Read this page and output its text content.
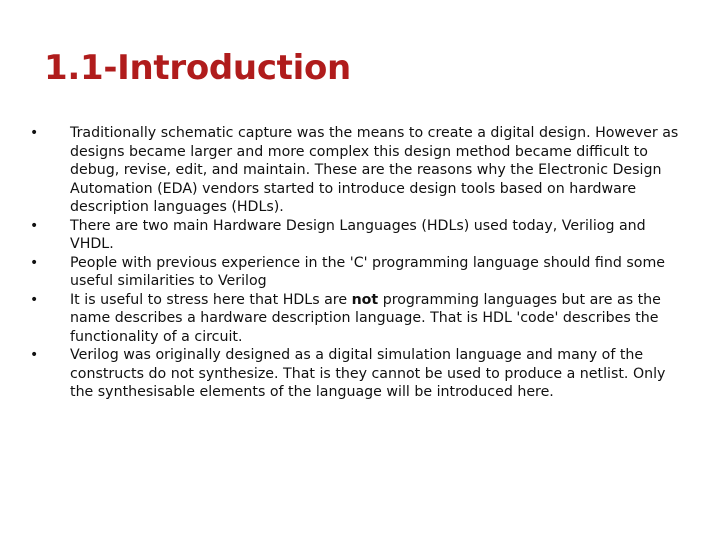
1.1-Introduction
•	Traditionally schematic capture was the means to create a digital design. However as designs became larger and more complex this design method became difficult to debug, revise, edit, and maintain. These are the reasons why the Electronic Design Automation (EDA) vendors started to introduce design tools based on hardware description languages (HDLs).
•	There are two main Hardware Design Languages (HDLs) used today, Veriliog and VHDL.
•	People with previous experience in the 'C' programming language should find some useful similarities to Verilog
•	It is useful to stress here that HDLs are not programming languages but are as the name describes a hardware description language. That is HDL 'code' describes the functionality of a circuit.
•	Verilog was originally designed as a digital simulation language and many of the constructs do not synthesize. That is they cannot be used to produce a netlist. Only the synthesisable elements of the language will be introduced here.
